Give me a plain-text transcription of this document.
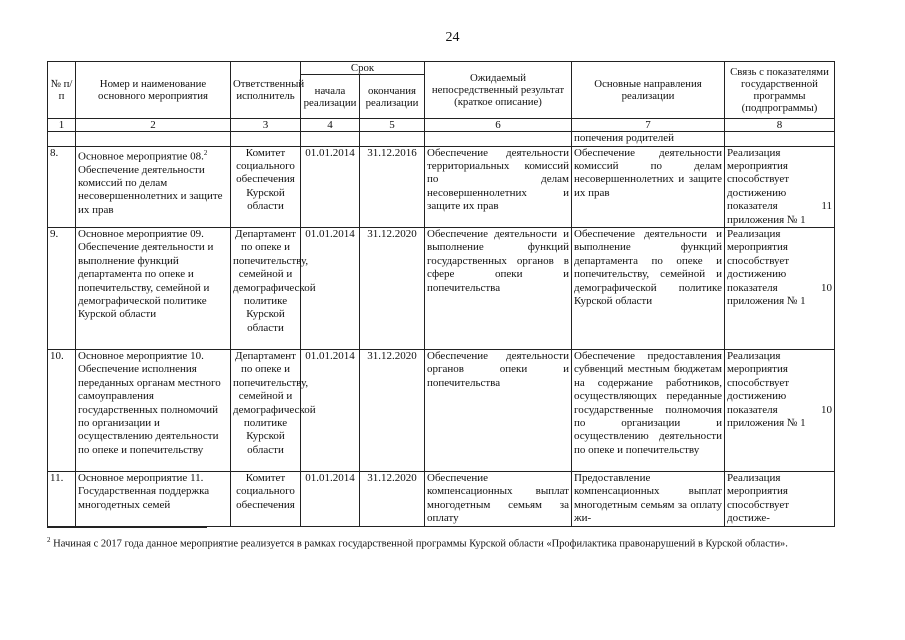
24
№ п/п	Номер и наименование основного мероприятия	Ответственный исполнитель	Срок		Ожидаемый непосредственный результат (краткое описание)	Основные направления реализации	Связь с показателями государственной программы (подпрограммы)
			начала реализации	окончания реализации			
1	2	3	4	5	6	7	8
						попечения родителей	
8.	Основное мероприятие 08.$^2$ Обеспечение деятельности комиссий по делам несовершеннолетних и защите их прав	Комитет социального обеспечения Курской области	01.01.2014	31.12.2016	Обеспечение деятельности территориальных комиссий по делам несовершеннолетних и защите их прав	Обеспечение деятельности комиссий по делам несовершеннолетних и защите их прав	Реализация мероприятия способствует достижению показателя 11 приложения № 1
9.	Основное мероприятие 09. Обеспечение деятельности и выполнение функций департамента по опеке и попечительству, семейной и демографической политике Курской области	Департамент по опеке и попечительству, семейной и демографической политике Курской области	01.01.2014	31.12.2020	Обеспечение деятельности и выполнение функций государственных органов в сфере опеки и попечительства	Обеспечение деятельности и выполнение функций департамента по опеке и попечительству, семейной и демографической политике Курской области	Реализация мероприятия способствует достижению показателя 10 приложения № 1
10.	Основное мероприятие 10. Обеспечение исполнения переданных органам местного самоуправления государственных полномочий по организации и осуществлению деятельности по опеке и попечительству	Департамент по опеке и попечительству, семейной и демографической политике Курской области	01.01.2014	31.12.2020	Обеспечение деятельности органов опеки и попечительства	Обеспечение предоставления субвенций местным бюджетам на содержание работников, осуществляющих переданные государственные полномочия по организации и осуществлению деятельности по опеке и попечительству	Реализация мероприятия способствует достижению показателя 10 приложения № 1
11.	Основное мероприятие 11. Государственная поддержка многодетных семей	Комитет социального обеспечения	01.01.2014	31.12.2020	Обеспечение компенсационных выплат многодетным семьям за оплату	Предоставление компенсационных выплат многодетным семьям за оплату жи-	Реализация мероприятия способствует достиже-
$^2$ Начиная с 2017 года данное мероприятие реализуется в рамках государственной программы Курской области «Профилактика правонарушений в Курской области».
